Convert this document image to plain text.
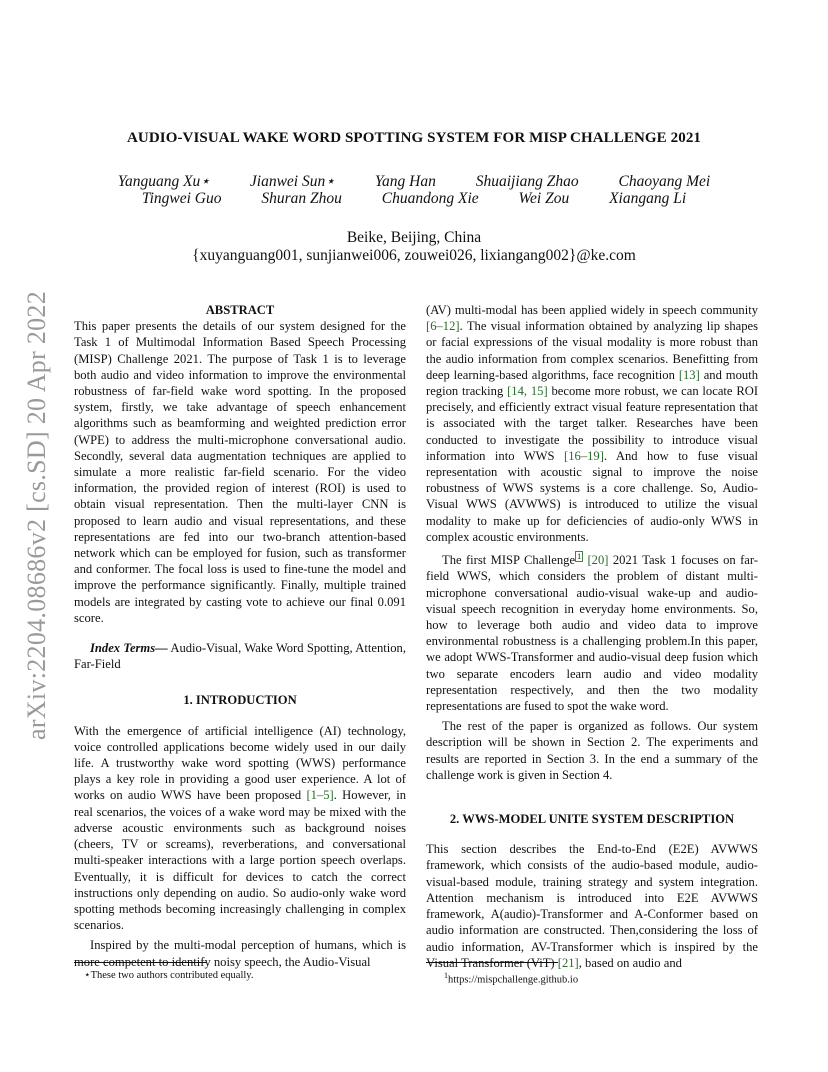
arXiv:2204.08686v2 [cs.SD] 20 Apr 2022
AUDIO-VISUAL WAKE WORD SPOTTING SYSTEM FOR MISP CHALLENGE 2021
Yanguang Xu⋆	Jianwei Sun⋆	Yang Han	Shuaijiang Zhao	Chaoyang Mei
Tingwei Guo	Shuran Zhou	Chuandong Xie	Wei Zou	Xiangang Li
Beike, Beijing, China
{xuyanguang001, sunjianwei006, zouwei026, lixiangang002}@ke.com
ABSTRACT

This paper presents the details of our system designed for the Task 1 of Multimodal Information Based Speech Processing (MISP) Challenge 2021. The purpose of Task 1 is to leverage both audio and video information to improve the environmental robustness of far-field wake word spotting. In the proposed system, firstly, we take advantage of speech enhancement algorithms such as beamforming and weighted prediction error (WPE) to address the multi-microphone conversational audio. Secondly, several data augmentation techniques are applied to simulate a more realistic far-field scenario. For the video information, the provided region of interest (ROI) is used to obtain visual representation. Then the multi-layer CNN is proposed to learn audio and visual representations, and these representations are fed into our two-branch attention-based network which can be employed for fusion, such as transformer and conformer. The focal loss is used to fine-tune the model and improve the performance significantly. Finally, multiple trained models are integrated by casting vote to achieve our final 0.091 score.

Index Terms— Audio-Visual, Wake Word Spotting, Attention, Far-Field

1. INTRODUCTION

With the emergence of artificial intelligence (AI) technology, voice controlled applications become widely used in our daily life. A trustworthy wake word spotting (WWS) performance plays a key role in providing a good user experience. A lot of works on audio WWS have been proposed [1–5]. However, in real scenarios, the voices of a wake word may be mixed with the adverse acoustic environments such as background noises (cheers, TV or screams), reverberations, and conversational multi-speaker interactions with a large portion speech overlaps. Eventually, it is difficult for devices to catch the correct instructions only depending on audio. So audio-only wake word spotting methods becoming increasingly challenging in complex scenarios.

Inspired by the multi-modal perception of humans, which is more competent to identify noisy speech, the Audio-Visual

⋆These two authors contributed equally.

(AV) multi-modal has been applied widely in speech community [6–12]. The visual information obtained by analyzing lip shapes or facial expressions of the visual modality is more robust than the audio information from complex scenarios. Benefitting from deep learning-based algorithms, face recognition [13] and mouth region tracking [14, 15] become more robust, we can locate ROI precisely, and efficiently extract visual feature representation that is associated with the target talker. Researches have been conducted to investigate the possibility to introduce visual information into WWS [16–19]. And how to fuse visual representation with acoustic signal to improve the noise robustness of WWS systems is a core challenge. So, Audio-Visual WWS (AVWWS) is introduced to utilize the visual modality to make up for deficiencies of audio-only WWS in complex acoustic environments.

The first MISP Challenge $^1$ [20] 2021 Task 1 focuses on far-field WWS, which considers the problem of distant multi-microphone conversational audio-visual wake-up and audio-visual speech recognition in everyday home environments. So, how to leverage both audio and video data to improve environmental robustness is a challenging problem.In this paper, we adopt WWS-Transformer and audio-visual deep fusion which two separate encoders learn audio and video modality representation respectively, and then the two modality representations are fused to spot the wake word.

The rest of the paper is organized as follows. Our system description will be shown in Section 2. The experiments and results are reported in Section 3. In the end a summary of the challenge work is given in Section 4.

2. WWS-MODEL UNITE SYSTEM DESCRIPTION

This section describes the End-to-End (E2E) AVWWS framework, which consists of the audio-based module, audio-visual-based module, training strategy and system integration. Attention mechanism is introduced into E2E AVWWS framework, A(audio)-Transformer and A-Conformer based on audio information are constructed. Then,considering the loss of audio information, AV-Transformer which is inspired by the Visual Transformer (ViT) [21], based on audio and

$^1$https://mispchallenge.github.io
